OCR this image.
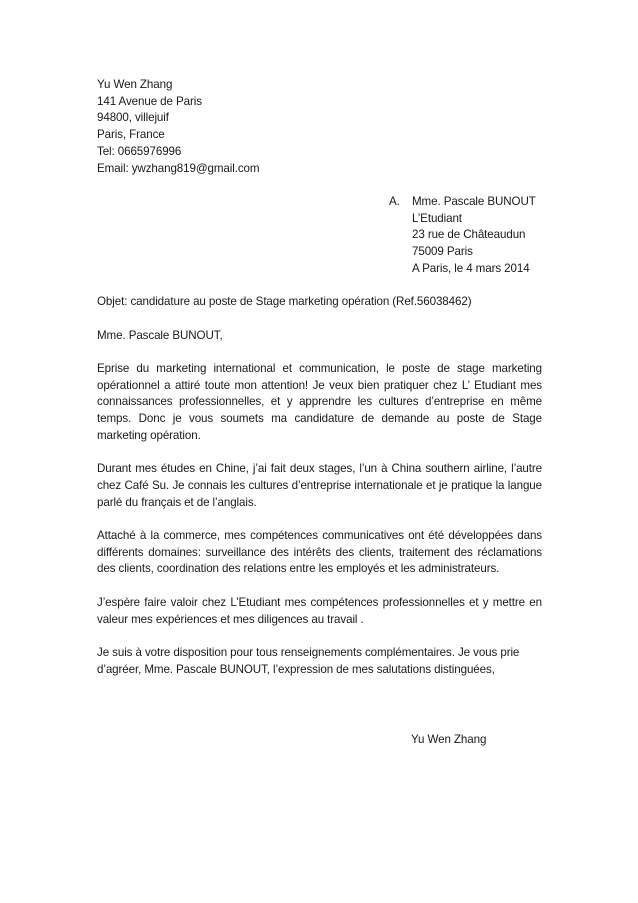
Yu Wen Zhang
141 Avenue de Paris
94800, villejuif
Paris, France
Tel: 0665976996
Email: ywzhang819@gmail.com
A.	Mme. Pascale BUNOUT
L’Etudiant
23 rue de Châteaudun
75009 Paris
A Paris, le 4 mars 2014
Objet: candidature au poste de Stage marketing opération (Ref.56038462)
Mme. Pascale BUNOUT,

Eprise du marketing international et communication, le poste de stage marketing opérationnel a attiré toute mon attention! Je veux bien pratiquer chez L’ Etudiant mes connaissances professionnelles, et y apprendre les cultures d’entreprise en même temps. Donc je vous soumets ma candidature de demande au poste de Stage marketing opération.

Durant mes études en Chine, j’ai fait deux stages, l’un à China southern airline, l’autre chez Café Su. Je connais les cultures d’entreprise internationale et je pratique la langue parlé du français et de l’anglais.

Attaché à la commerce, mes compétences communicatives ont été développées dans différents domaines: surveillance des intérêts des clients, traitement des réclamations des clients, coordination des relations entre les employés et les administrateurs.

J’espère faire valoir chez L’Etudiant mes compétences professionnelles et y mettre en valeur mes expériences et mes diligences au travail .

Je suis à votre disposition pour tous renseignements complémentaires. Je vous prie d’agréer, Mme. Pascale BUNOUT, l’expression de mes salutations distinguées,

Yu Wen Zhang
